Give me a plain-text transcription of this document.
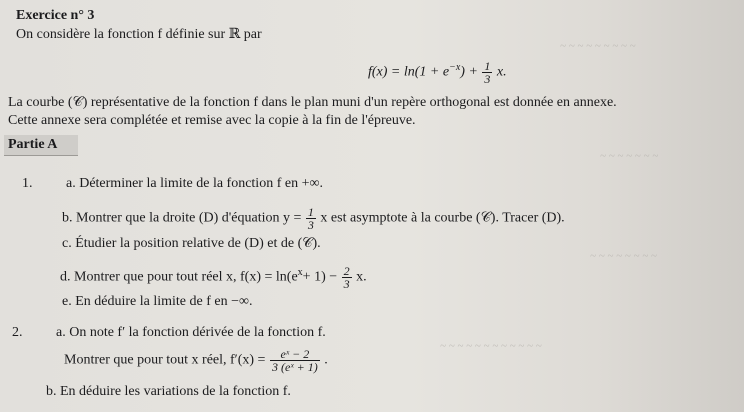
~ ~ ~ ~ ~ ~ ~ ~ ~
~ ~ ~ ~ ~ ~ ~
~ ~ ~ ~ ~ ~ ~ ~
~ ~ ~ ~ ~ ~ ~ ~ ~ ~ ~ ~
Exercice n° 3
On considère la fonction f définie sur ℝ par
$f(x) = \ln(1 + e^{-x}) + \frac{1}{3} x$.
La courbe (𝒞) représentative de la fonction f dans le plan muni d'un repère orthogonal est donnée en annexe.
Cette annexe sera complétée et remise avec la copie à la fin de l'épreuve.
Partie A
1. a. Déterminer la limite de la fonction f en +∞.
b. Montrer que la droite (D) d'équation $y = \frac{1}{3}$ x est asymptote à la courbe (𝒞). Tracer (D).
c. Étudier la position relative de (D) et de (𝒞).
d. Montrer que pour tout réel x, $f(x) = \ln(e^x+ 1) - \frac{2}{3} x$.
e. En déduire la limite de f en −∞.
2. a. On note f′ la fonction dérivée de la fonction f.
Montrer que pour tout x réel, $f'(x) = \frac{\text{eˣ − 2}}{\text{3 (eˣ + 1)}}$ .
b. En déduire les variations de la fonction f.
